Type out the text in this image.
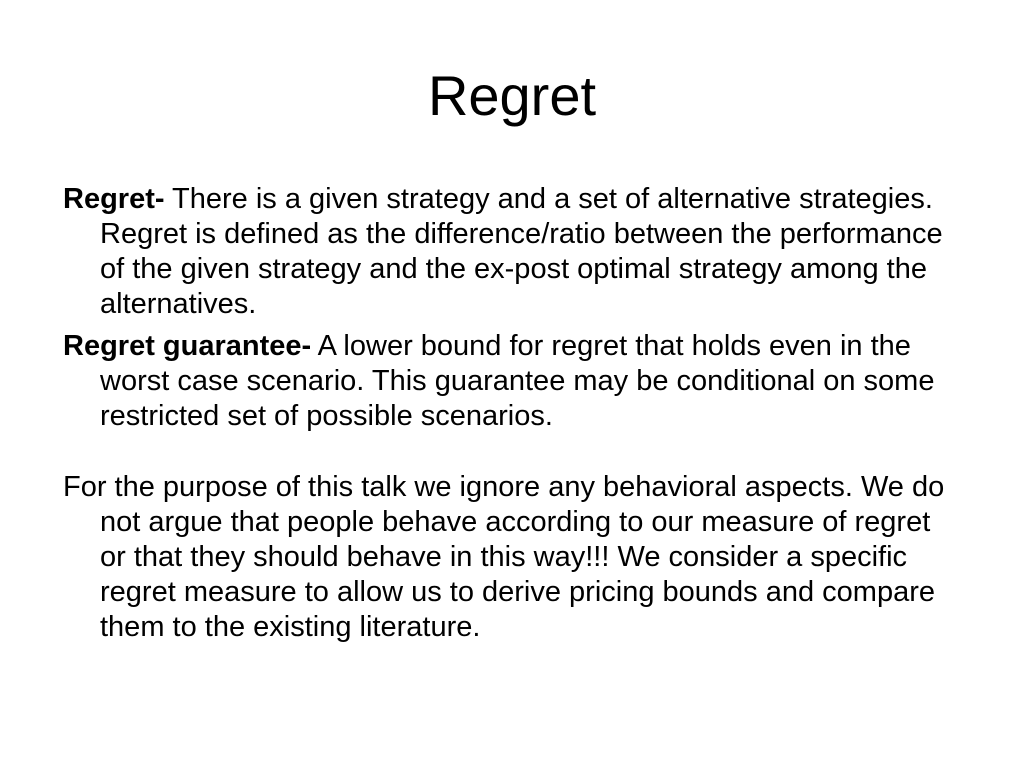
Regret

Regret- There is a given strategy and a set of alternative strategies. Regret is defined as the difference/ratio between the performance of the given strategy and the ex-post optimal strategy among the alternatives.

Regret guarantee- A lower bound for regret that holds even in the worst case scenario. This guarantee may be conditional on some restricted set of possible scenarios.

For the purpose of this talk we ignore any behavioral aspects. We do not argue that people behave according to our measure of regret or that they should behave in this way!!! We consider a specific regret measure to allow us to derive pricing bounds and compare them to the existing literature.
